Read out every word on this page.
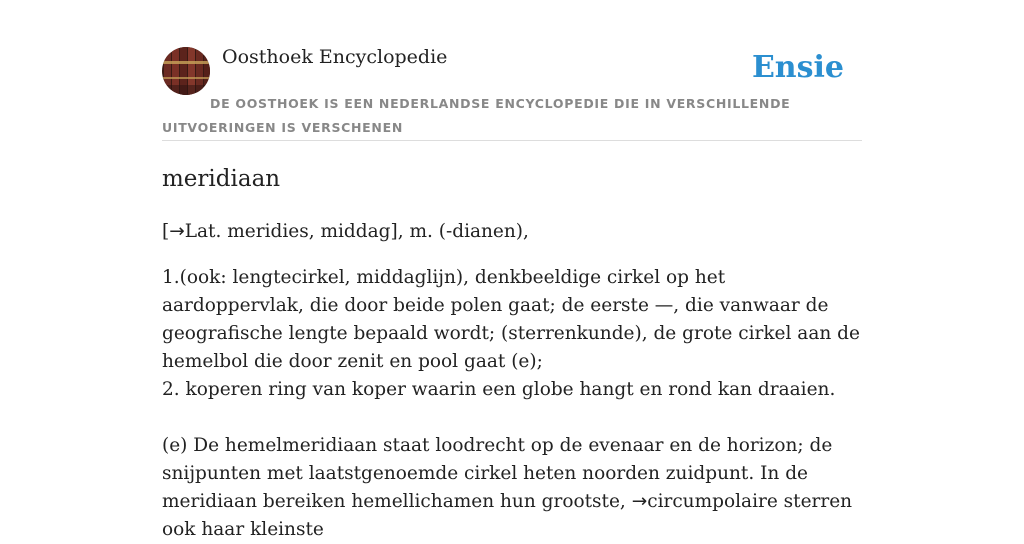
Oosthoek Encyclopedie	Ensie
DE OOSTHOEK IS EEN NEDERLANDSE ENCYCLOPEDIE DIE IN VERSCHILLENDE UITVOERINGEN IS VERSCHENEN
meridiaan
[→Lat. meridies, middag], m. (-dianen),

1.(ook: lengtecirkel, middaglijn), denkbeeldige cirkel op het aardoppervlak, die door beide polen gaat; de eerste —, die vanwaar de geografische lengte bepaald wordt; (sterrenkunde), de grote cirkel aan de hemelbol die door zenit en pool gaat (e);

2. koperen ring van koper waarin een globe hangt en rond kan draaien.

(e) De hemelmeridiaan staat loodrecht op de evenaar en de horizon; de snijpunten met laatstgenoemde cirkel heten noorden zuidpunt. In de meridiaan bereiken hemellichamen hun grootste, →circumpolaire sterren ook haar kleinste
